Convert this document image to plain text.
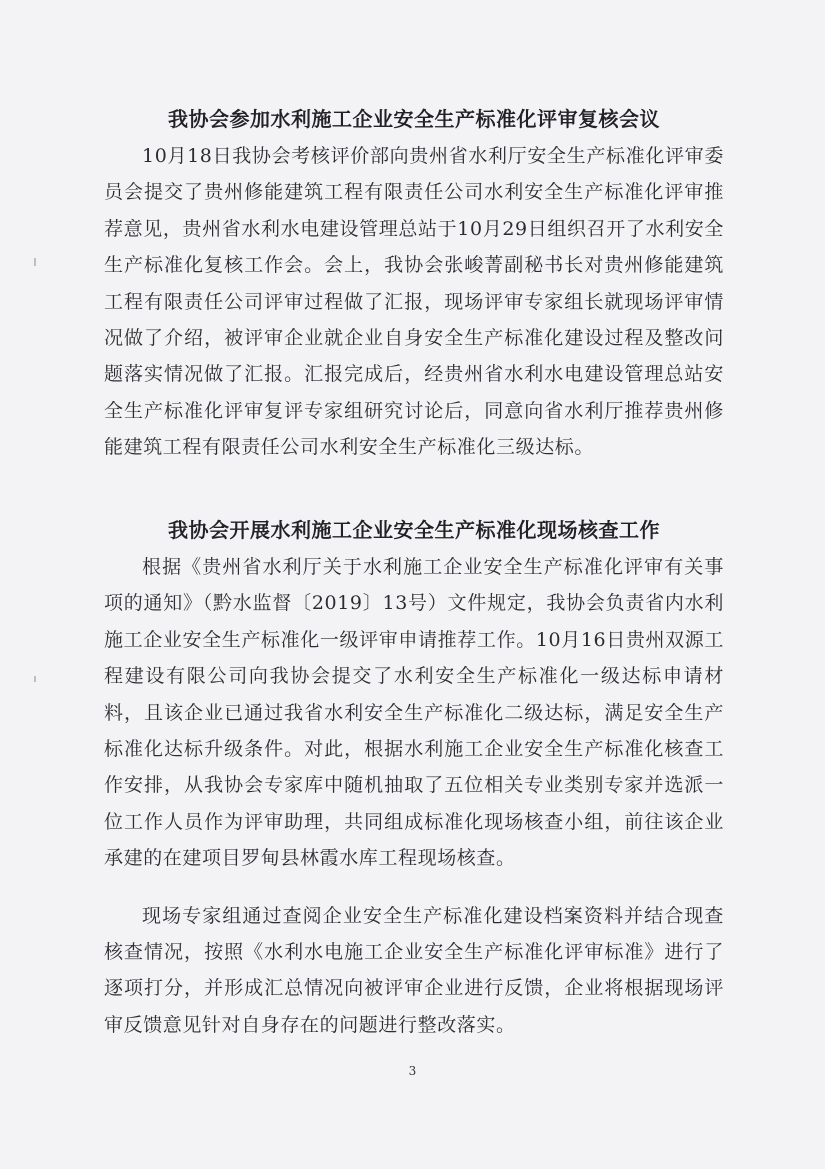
我协会参加水利施工企业安全生产标准化评审复核会议

10月18日我协会考核评价部向贵州省水利厅安全生产标准化评审委员会提交了贵州修能建筑工程有限责任公司水利安全生产标准化评审推荐意见，贵州省水利水电建设管理总站于10月29日组织召开了水利安全生产标准化复核工作会。会上，我协会张峻菁副秘书长对贵州修能建筑工程有限责任公司评审过程做了汇报，现场评审专家组长就现场评审情况做了介绍，被评审企业就企业自身安全生产标准化建设过程及整改问题落实情况做了汇报。汇报完成后，经贵州省水利水电建设管理总站安全生产标准化评审复评专家组研究讨论后，同意向省水利厅推荐贵州修能建筑工程有限责任公司水利安全生产标准化三级达标。

我协会开展水利施工企业安全生产标准化现场核查工作

根据《贵州省水利厅关于水利施工企业安全生产标准化评审有关事项的通知》（黔水监督〔2019〕13号）文件规定，我协会负责省内水利施工企业安全生产标准化一级评审申请推荐工作。10月16日贵州双源工程建设有限公司向我协会提交了水利安全生产标准化一级达标申请材料，且该企业已通过我省水利安全生产标准化二级达标，满足安全生产标准化达标升级条件。对此，根据水利施工企业安全生产标准化核查工作安排，从我协会专家库中随机抽取了五位相关专业类别专家并选派一位工作人员作为评审助理，共同组成标准化现场核查小组，前往该企业承建的在建项目罗甸县林霞水库工程现场核查。

现场专家组通过查阅企业安全生产标准化建设档案资料并结合现查核查情况，按照《水利水电施工企业安全生产标准化评审标准》进行了逐项打分，并形成汇总情况向被评审企业进行反馈，企业将根据现场评审反馈意见针对自身存在的问题进行整改落实。

3
